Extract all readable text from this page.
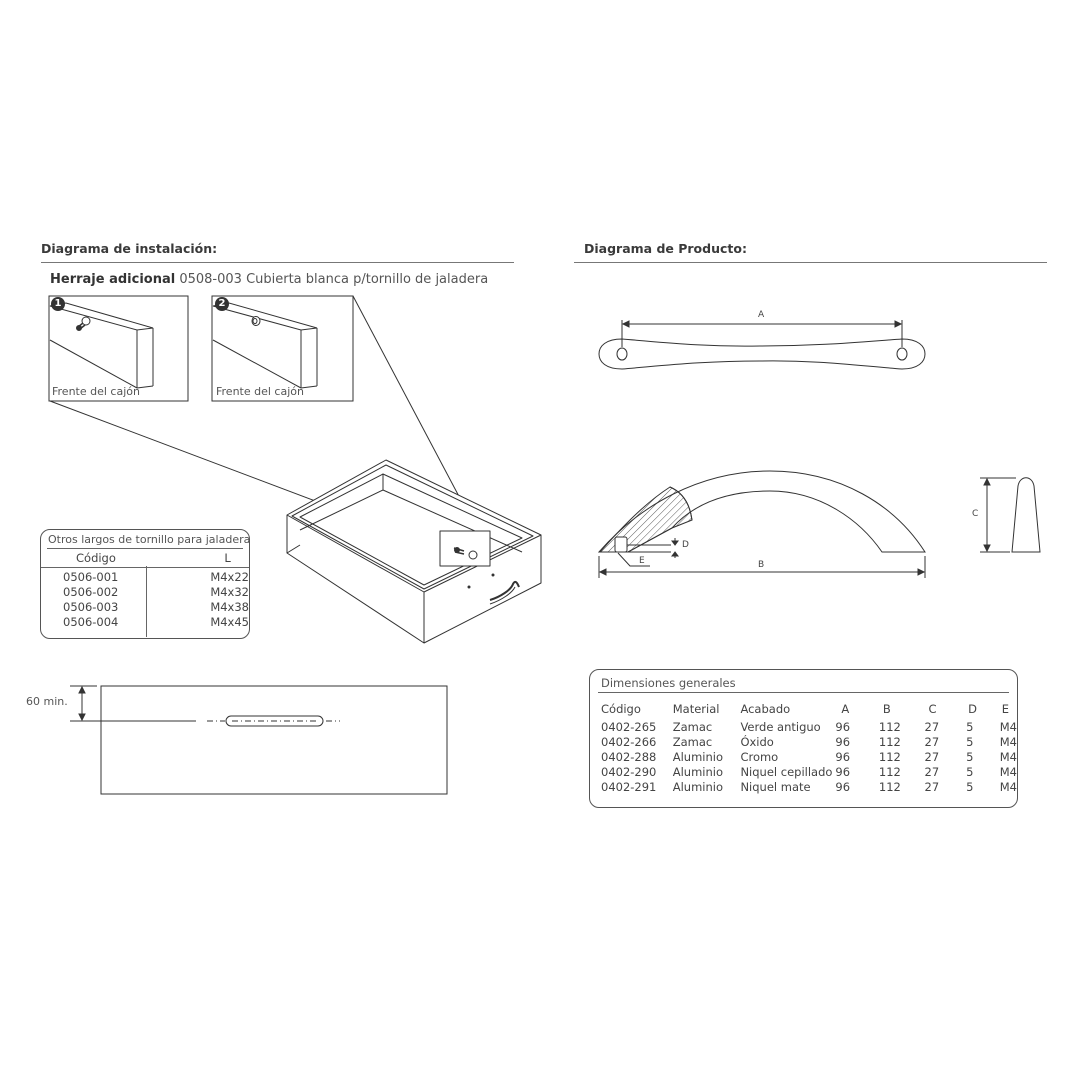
Diagrama de instalación:
Herraje adicional 0508-003 Cubierta blanca p/tornillo de jaladera
1	2
Frente del cajón	Frente del cajón
60 min.
Otros largos de tornillo para jaladera
Código	L
0506-001	M4x22
0506-002	M4x32
0506-003	M4x38
0506-004	M4x45
Diagrama de Producto:
A
B
C
D
E
Dimensiones generales
Código	Material	Acabado	A	B	C	D	E
0402-265	Zamac	Verde antiguo	96	112	27	5	M4
0402-266	Zamac	Óxido	96	112	27	5	M4
0402-288	Aluminio	Cromo	96	112	27	5	M4
0402-290	Aluminio	Niquel cepillado	96	112	27	5	M4
0402-291	Aluminio	Niquel mate	96	112	27	5	M4
